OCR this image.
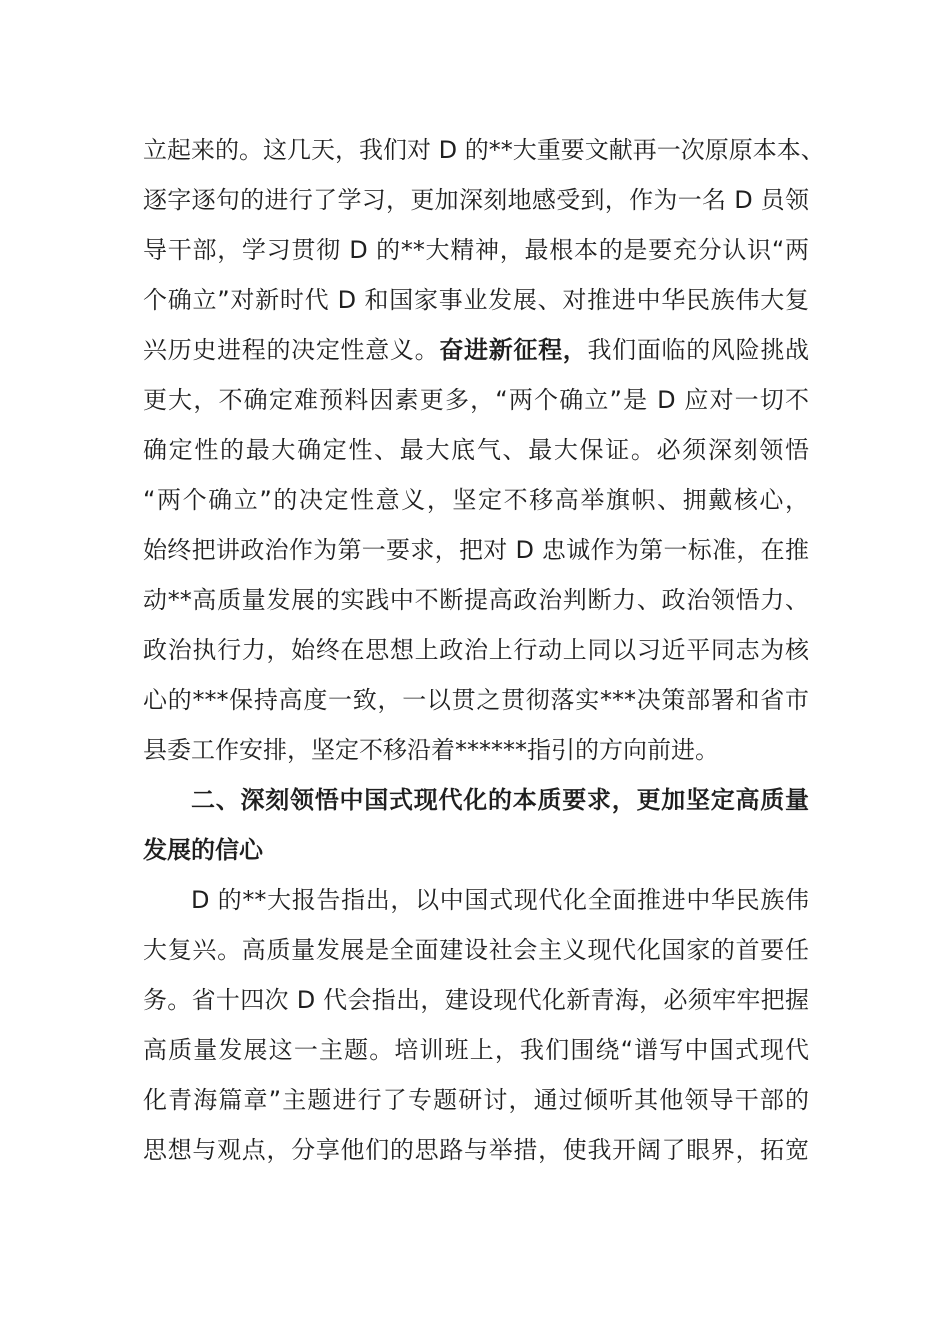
立起来的。这几天，我们对 D 的**大重要文献再一次原原本本、
逐字逐句的进行了学习，更加深刻地感受到，作为一名 D 员领
导干部，学习贯彻 D 的**大精神，最根本的是要充分认识“两
个确立”对新时代 D 和国家事业发展、对推进中华民族伟大复
兴历史进程的决定性意义。奋进新征程，我们面临的风险挑战
更大，不确定难预料因素更多，“两个确立”是 D 应对一切不
确定性的最大确定性、最大底气、最大保证。必须深刻领悟
“两个确立”的决定性意义，坚定不移高举旗帜、拥戴核心，
始终把讲政治作为第一要求，把对 D 忠诚作为第一标准，在推
动**高质量发展的实践中不断提高政治判断力、政治领悟力、
政治执行力，始终在思想上政治上行动上同以习近平同志为核
心的***保持高度一致，一以贯之贯彻落实***决策部署和省市
县委工作安排，坚定不移沿着******指引的方向前进。
二、深刻领悟中国式现代化的本质要求，更加坚定高质量
发展的信心
D 的**大报告指出，以中国式现代化全面推进中华民族伟
大复兴。高质量发展是全面建设社会主义现代化国家的首要任
务。省十四次 D 代会指出，建设现代化新青海，必须牢牢把握
高质量发展这一主题。培训班上，我们围绕“谱写中国式现代
化青海篇章”主题进行了专题研讨，通过倾听其他领导干部的
思想与观点，分享他们的思路与举措，使我开阔了眼界，拓宽
